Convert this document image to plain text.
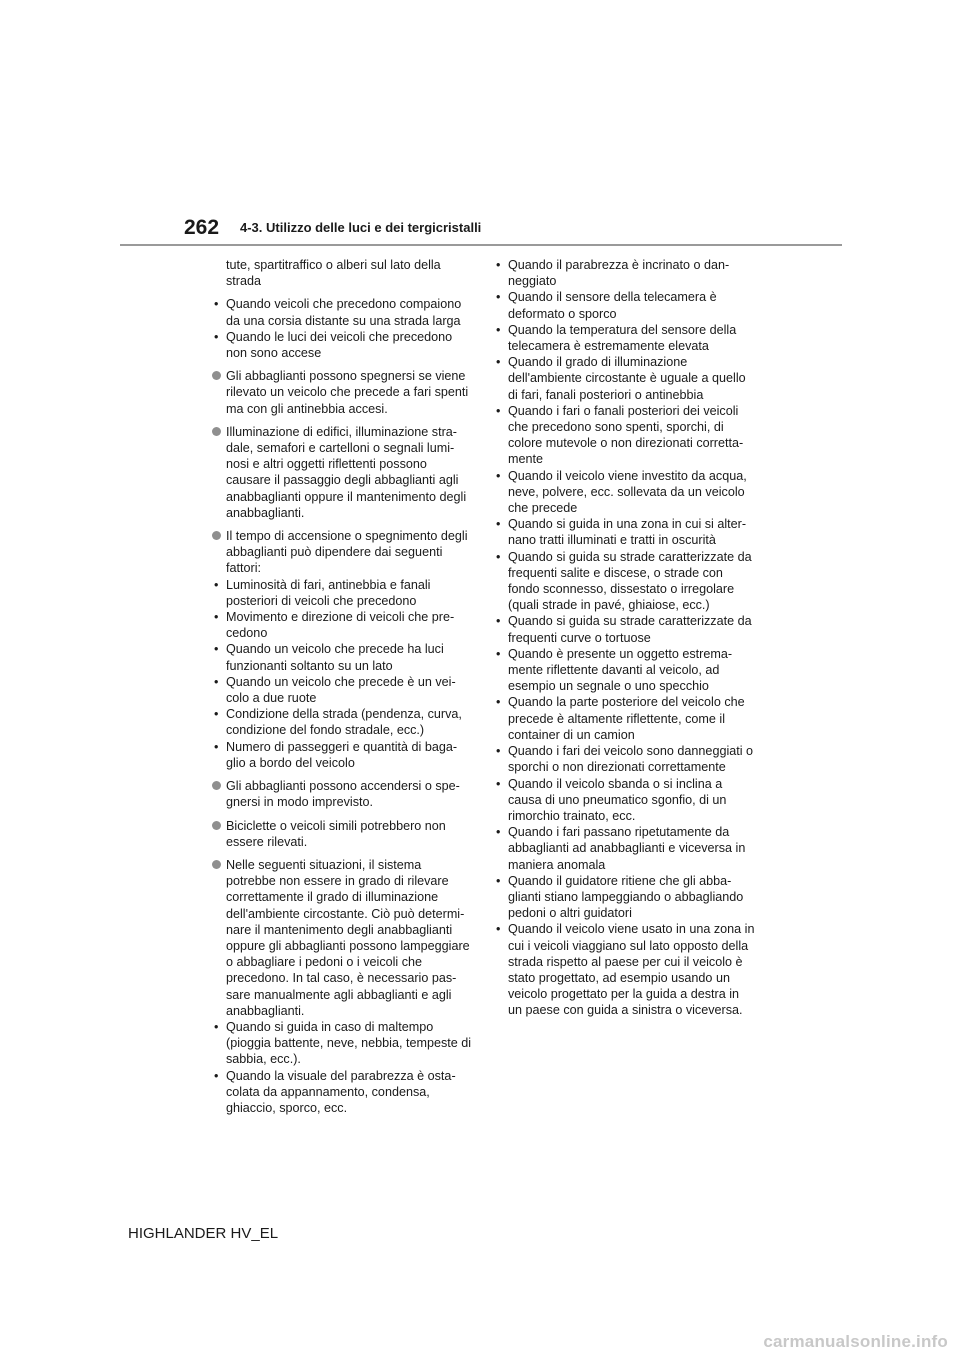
262 4-3. Utilizzo delle luci e dei tergicristalli
tute, spartitraffico o alberi sul lato della strada
• Quando veicoli che precedono compaiono da una corsia distante su una strada larga
• Quando le luci dei veicoli che precedono non sono accese
Gli abbaglianti possono spegnersi se viene rilevato un veicolo che precede a fari spenti ma con gli antinebbia accesi.
Illuminazione di edifici, illuminazione stradale, semafori e cartelloni o segnali luminosi e altri oggetti riflettenti possono causare il passaggio degli abbaglianti agli anabbaglianti oppure il mantenimento degli anabbaglianti.
Il tempo di accensione o spegnimento degli abbaglianti può dipendere dai seguenti fattori:
• Luminosità di fari, antinebbia e fanali posteriori di veicoli che precedono
• Movimento e direzione di veicoli che precedono
• Quando un veicolo che precede ha luci funzionanti soltanto su un lato
• Quando un veicolo che precede è un veicolo a due ruote
• Condizione della strada (pendenza, curva, condizione del fondo stradale, ecc.)
• Numero di passeggeri e quantità di bagaglio a bordo del veicolo
Gli abbaglianti possono accendersi o spegnersi in modo imprevisto.
Biciclette o veicoli simili potrebbero non essere rilevati.
Nelle seguenti situazioni, il sistema potrebbe non essere in grado di rilevare correttamente il grado di illuminazione dell'ambiente circostante. Ciò può determinare il mantenimento degli anabbaglianti oppure gli abbaglianti possono lampeggiare o abbagliare i pedoni o i veicoli che precedono. In tal caso, è necessario passare manualmente agli abbaglianti e agli anabbaglianti.
• Quando si guida in caso di maltempo (pioggia battente, neve, nebbia, tempeste di sabbia, ecc.).
• Quando la visuale del parabrezza è ostacolata da appannamento, condensa, ghiaccio, sporco, ecc.
• Quando il parabrezza è incrinato o danneggiato
• Quando il sensore della telecamera è deformato o sporco
• Quando la temperatura del sensore della telecamera è estremamente elevata
• Quando il grado di illuminazione dell'ambiente circostante è uguale a quello di fari, fanali posteriori o antinebbia
• Quando i fari o fanali posteriori dei veicoli che precedono sono spenti, sporchi, di colore mutevole o non direzionati correttamente
• Quando il veicolo viene investito da acqua, neve, polvere, ecc. sollevata da un veicolo che precede
• Quando si guida in una zona in cui si alternano tratti illuminati e tratti in oscurità
• Quando si guida su strade caratterizzate da frequenti salite e discese, o strade con fondo sconnesso, dissestato o irregolare (quali strade in pavé, ghiaiose, ecc.)
• Quando si guida su strade caratterizzate da frequenti curve o tortuose
• Quando è presente un oggetto estremamente riflettente davanti al veicolo, ad esempio un segnale o uno specchio
• Quando la parte posteriore del veicolo che precede è altamente riflettente, come il container di un camion
• Quando i fari dei veicolo sono danneggiati o sporchi o non direzionati correttamente
• Quando il veicolo sbanda o si inclina a causa di uno pneumatico sgonfio, di un rimorchio trainato, ecc.
• Quando i fari passano ripetutamente da abbaglianti ad anabbaglianti e viceversa in maniera anomala
• Quando il guidatore ritiene che gli abbaglianti stiano lampeggiando o abbagliando pedoni o altri guidatori
• Quando il veicolo viene usato in una zona in cui i veicoli viaggiano sul lato opposto della strada rispetto al paese per cui il veicolo è stato progettato, ad esempio usando un veicolo progettato per la guida a destra in un paese con guida a sinistra o viceversa.
HIGHLANDER HV_EL
carmanualsonline.info
